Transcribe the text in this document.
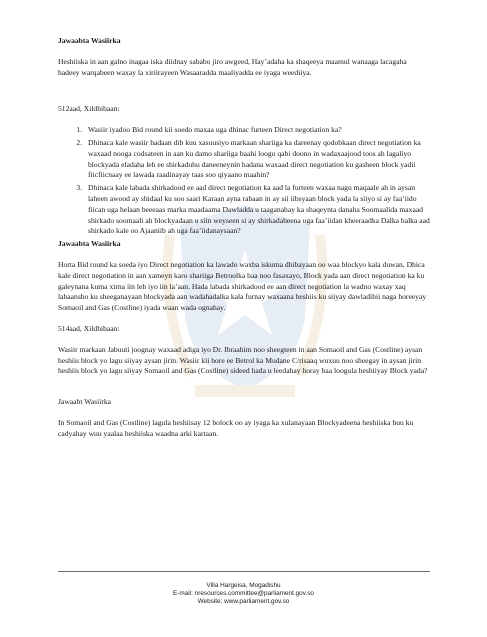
Jawaabta Wasiirka

Heshiiska in aan galno inagaa iska diidnay sababo jiro awgeed, Hay’adaha ka shaqeeya maamul wanaaga lacagaha hadeey warqabeen waxay la xiriirayeen Wasaaradda maaliyadda ee iyaga weediiya.

512aad, Xildhibaan:

1. Wasiir iyadoo Bid round kii soedo maxaa uga dhinac furteen Direct negotiation ka?
2. Dhinaca kale wasiir hadaan dib kuu xasuusiyo markaan shariiga ka dareenay qodobkaan direct negotiation ka waxaad nooga codsateen in aan ku damo shariiga baahi loogu qabi doono in wadaxaajood toos ah lagaliyo blockyada eladaha leh ee shirkaduhu daneeneynin hadana waxaad direct negotiation ku gasheen block yadii fiicfiicnaay ee lawada raadinayay taas soo qiyaano maahin?
3. Dhinaca kale labada shirkadood ee aad direct negotiation ka aad la furteen waxaa nagu maqaale ah in aysan laheen awood ay shidaal ku soo saari Karaan ayna rabaan in ay sii iibsyaan block yada la siiyo si ay faa’iido fiican uga helaan beeeaas marka maadaama Dawladda u taaganahay ka shaqeynta danaha Soomaalida maxaad shirkado soomaali ah blockyadaan u siin weyseen si ay shirkadaheena uga faa’iidan kheeraadka Dalka halka aad shirkado kale oo Ajaaniib ah uga faa’iidanaysaan?

Jawaabta Wasiirka

Horta Bid round ka soeda iyo Direct negotiation ka lawado waxba iskuma dhibayaan oo waa blockyo kala duwan, Dhica kale direct negotiation in aan xameyn karo shariiga Betroolka baa noo fasaxayo, Block yada aan direct negotiation ka ku galeynana kuma xirna iin leh iyo iin la’aan. Hada labada shirkadood ee aan direct negotiation la wadno waxay xaq lahaansho ku sheeganayaan blockyada aan wadahadalka kala furnay waxaana heshiis ku siiyay dawladihii naga horeeyay Somaoil and Gas (Costline) iyada waan wada ognahay.

514aad, Xildhibaan:

Wasiir markaan Jabuuti joognay waxaad adiga iyo Dr. Ibraahim noo sheegteen in aan Somaoil and Gas (Costline) aysan heshiis block yo lagu siiyay aysan jirin. Wasiir kii hore ee Betrol ka Mudane C/risaaq wuxuu noo sheegay in aysan jirin heshiis block yo lagu siiyay Somaoil and Gas (Costline) sideed hada u leedahay horay baa loogula heshiiyay Block yada?

Jawaabt Wasiirka

In Somaoil and Gas (Costline) lagula heshiisay 12 bolock oo ay iyaga ka xulanayaan Blockyadeena heshiiska buu ku cadyahay wuu yaalaa heshiiska waadna arki kartaan.

Villa Hargeisa, Mogadishu
E-mail: nresources.committee@parliament.gov.so
Website: www.parliament.gov.so
